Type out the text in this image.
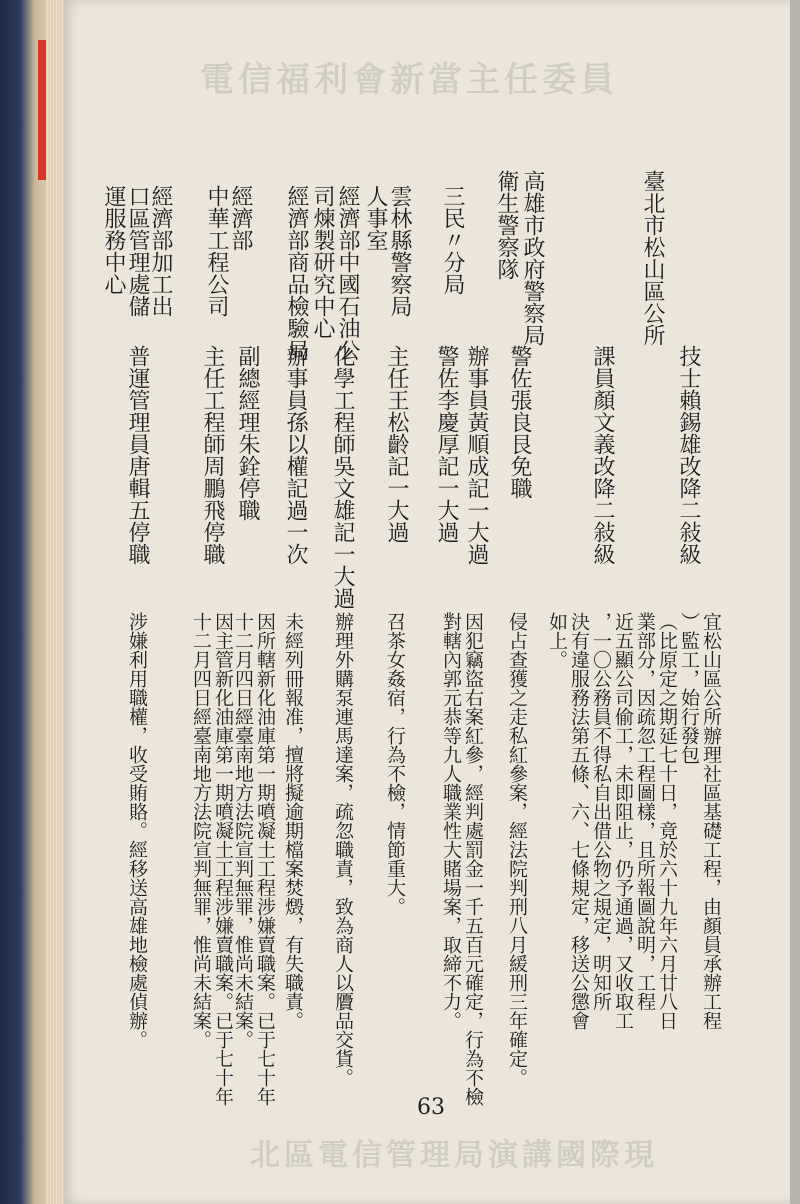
電信福利會新當主任委員
北區電信管理局演講國際現
臺北市松山區公所
高雄市政府警察局
衛生警察隊
三民〃分局
雲林縣警察局
人事室
經濟部中國石油公
司煉製研究中心
經濟部商品檢驗局
中華工程公司 經濟部
經濟部加工出
口區管理處儲
運服務中心
技士賴錫雄改降二敍級
課員顏文義改降二敍級
警佐張良艮免職
警佐李慶厚記一大過 辦事員黃順成記一大過
主任王松齡記一大過
化學工程師吳文雄記一大過
辦事員孫以權記過一次
副總經理朱銓停職
主任工程師周鵬飛停職
普運管理員唐輯五停職
宜松山區公所辦理社區基礎工程，由顏員承辦工程
）監工，始行發包
（比原定之期延七十日，竟於六十九年六月廿八日
業部分，因疏忽工程圖樣，且所報圖說明，工程
近五顯公司偷工，未即阻止，仍予通過，又收取工
，一〇公務員不得私自出借公物之規定，明知所
決有違服務法第五條、六、七條規定，移送公懲會
如上。
侵占查獲之走私紅參案，經法院判刑八月緩刑三年確定。
因犯竊盜右案紅參，經判處罰金一千五百元確定，行為不檢
對轄內郭元恭等九人職業性大賭場案，取締不力。
召茶女姦宿，行為不檢，情節重大。
辦理外購泵連馬達案，疏忽職責，致為商人以贗品交貨。
未經列冊報准，擅將擬逾期檔案焚燬，有失職責。
因所轄新化油庫第一期噴凝土工程涉嫌賣職案。已于七十年
十二月四日經臺南地方法院宣判無罪，惟尚未結案。
因主管新化油庫第一期噴凝土工程涉嫌賣職案。已于七十年
十二月四日經臺南地方法院宣判無罪，惟尚未結案。
涉嫌利用職權，收受賄賂。經移送高雄地檢處偵辦。
63
